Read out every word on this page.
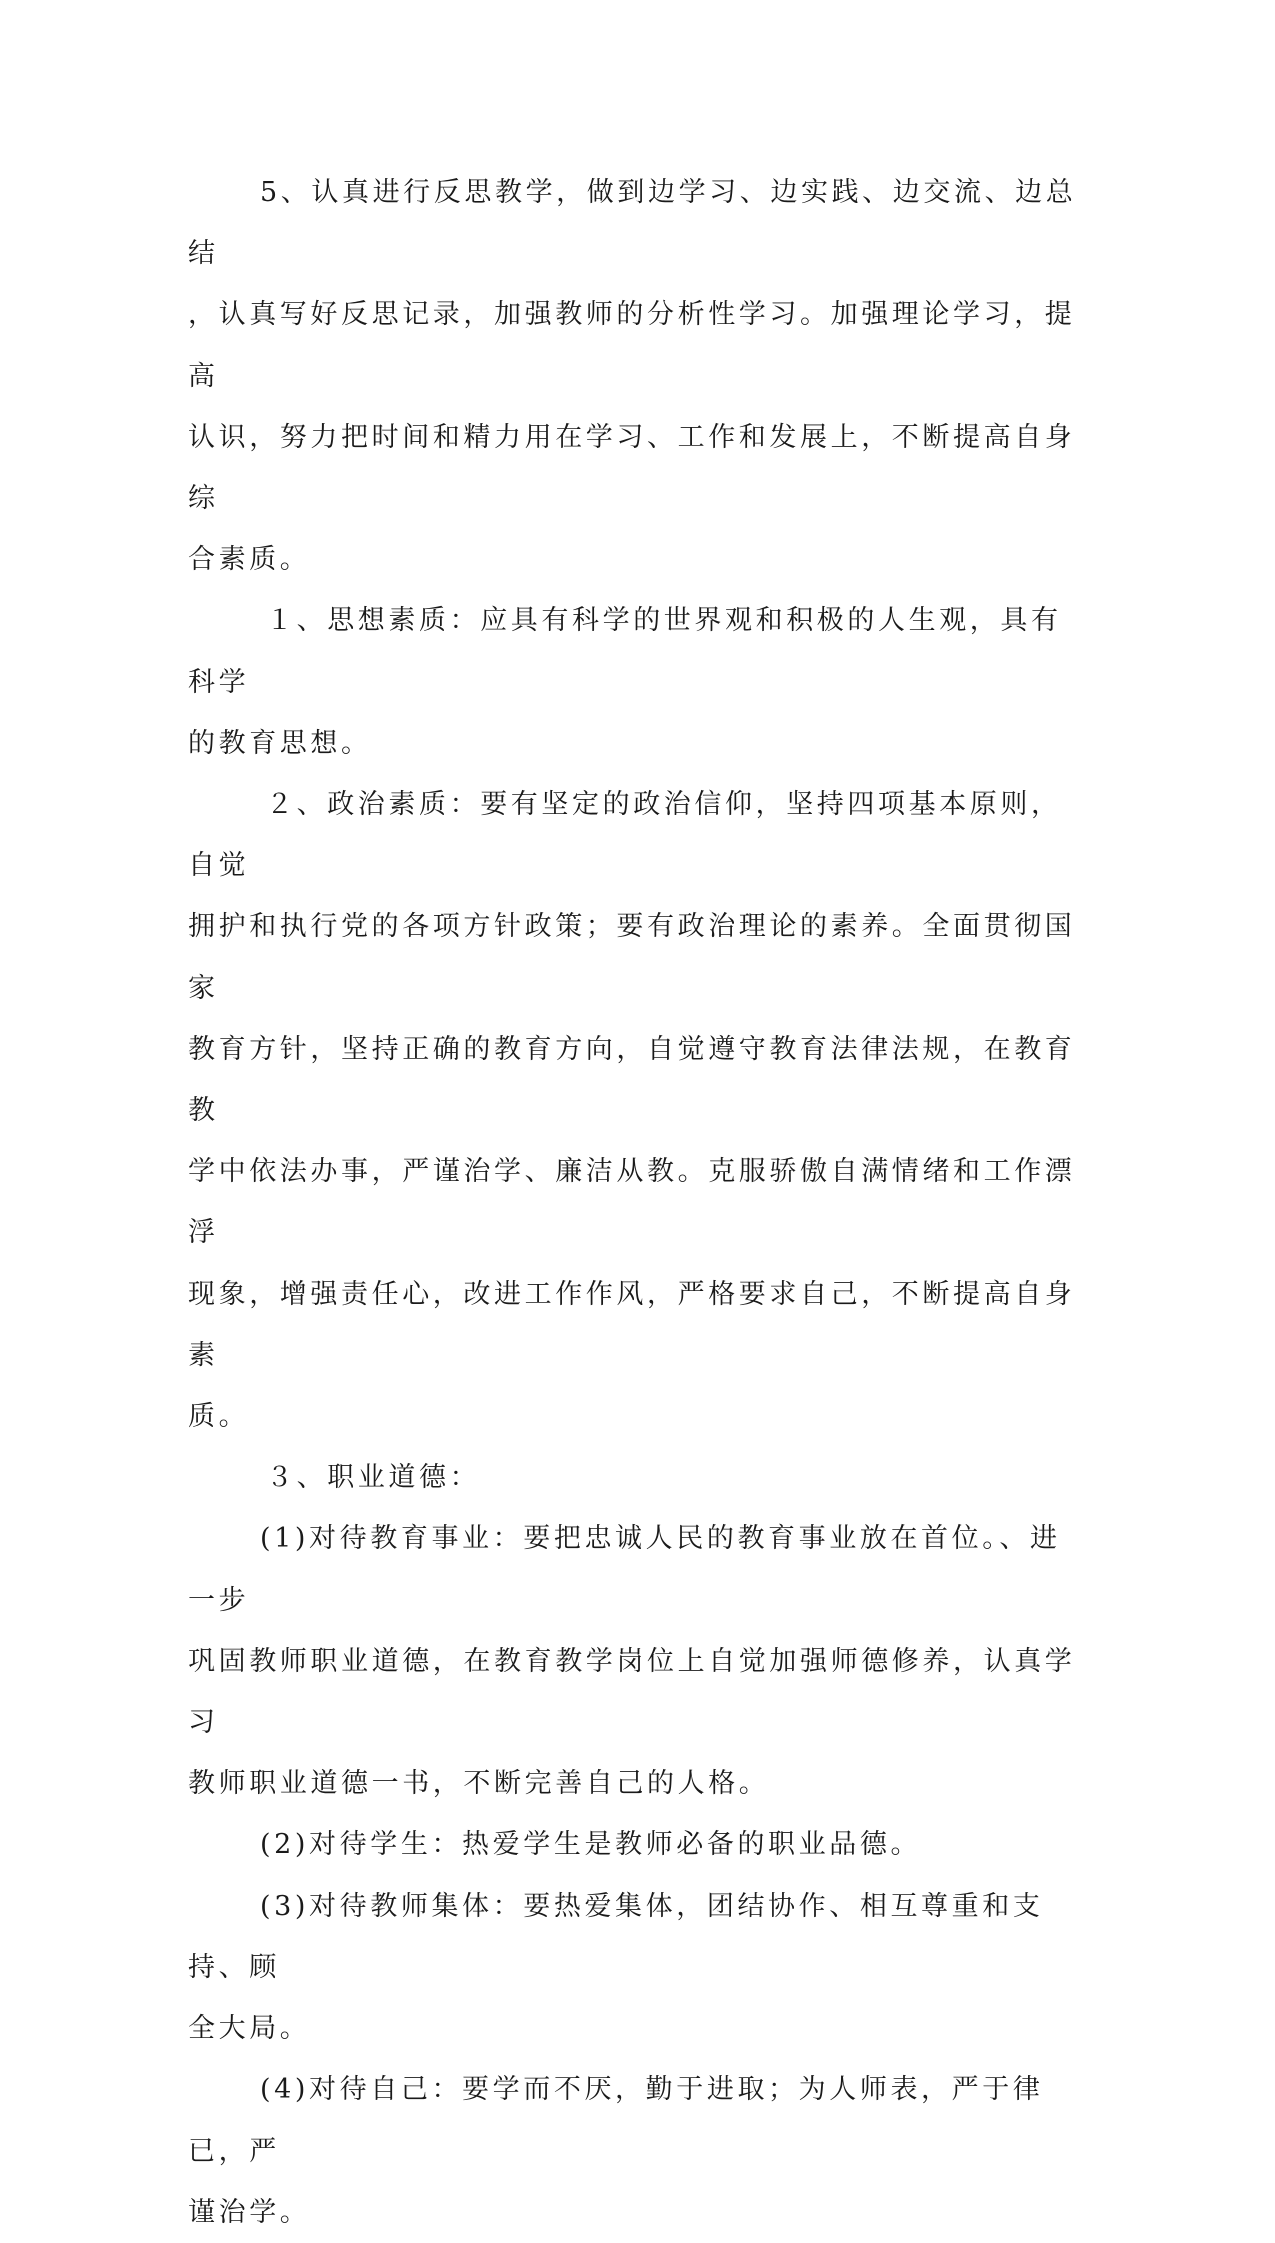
5、认真进行反思教学，做到边学习、边实践、边交流、边总结
，认真写好反思记录，加强教师的分析性学习。加强理论学习，提高
认识，努力把时间和精力用在学习、工作和发展上，不断提高自身综
合素质。
１、思想素质：应具有科学的世界观和积极的人生观，具有科学
的教育思想。
２、政治素质：要有坚定的政治信仰，坚持四项基本原则，自觉
拥护和执行党的各项方针政策；要有政治理论的素养。全面贯彻国家
教育方针，坚持正确的教育方向，自觉遵守教育法律法规，在教育教
学中依法办事，严谨治学、廉洁从教。克服骄傲自满情绪和工作漂浮
现象，增强责任心，改进工作作风，严格要求自己，不断提高自身素
质。
３、职业道德：
(1)对待教育事业：要把忠诚人民的教育事业放在首位。、进一步
巩固教师职业道德，在教育教学岗位上自觉加强师德修养，认真学习
教师职业道德一书，不断完善自己的人格。
(2)对待学生：热爱学生是教师必备的职业品德。
(3)对待教师集体：要热爱集体，团结协作、相互尊重和支持、顾
全大局。
(4)对待自己：要学而不厌，勤于进取；为人师表，严于律已，严
谨治学。
